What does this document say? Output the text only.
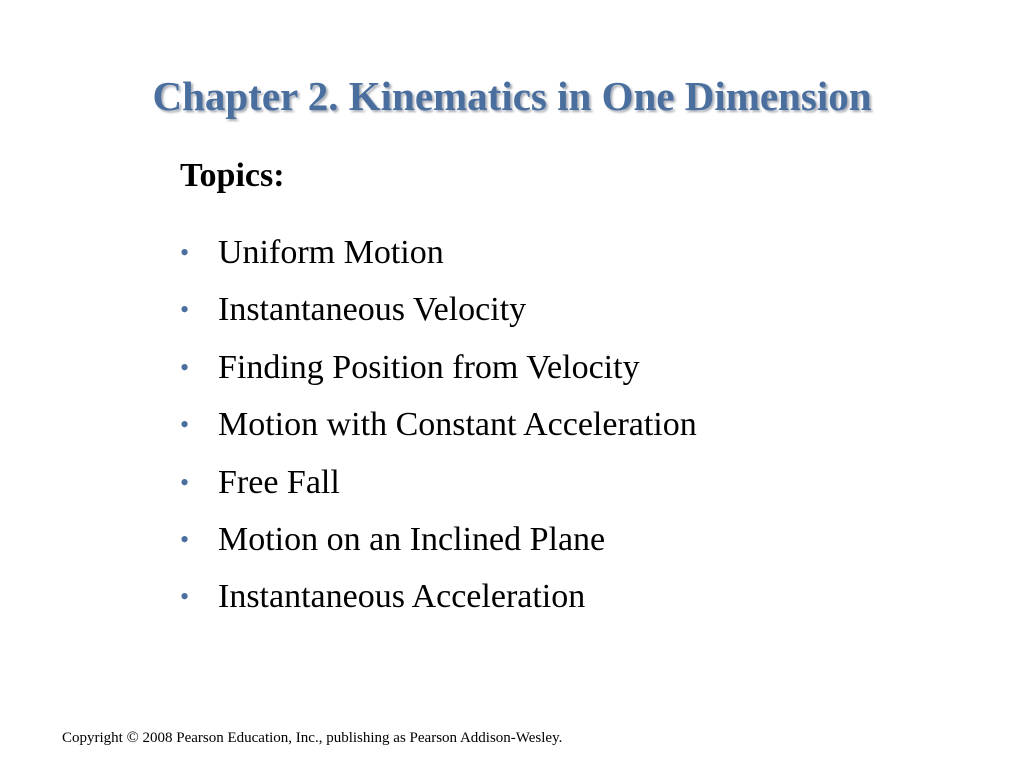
Chapter 2. Kinematics in One Dimension
Topics:
• Uniform Motion
• Instantaneous Velocity
• Finding Position from Velocity
• Motion with Constant Acceleration
• Free Fall
• Motion on an Inclined Plane
• Instantaneous Acceleration
Copyright © 2008 Pearson Education, Inc., publishing as Pearson Addison-Wesley.
